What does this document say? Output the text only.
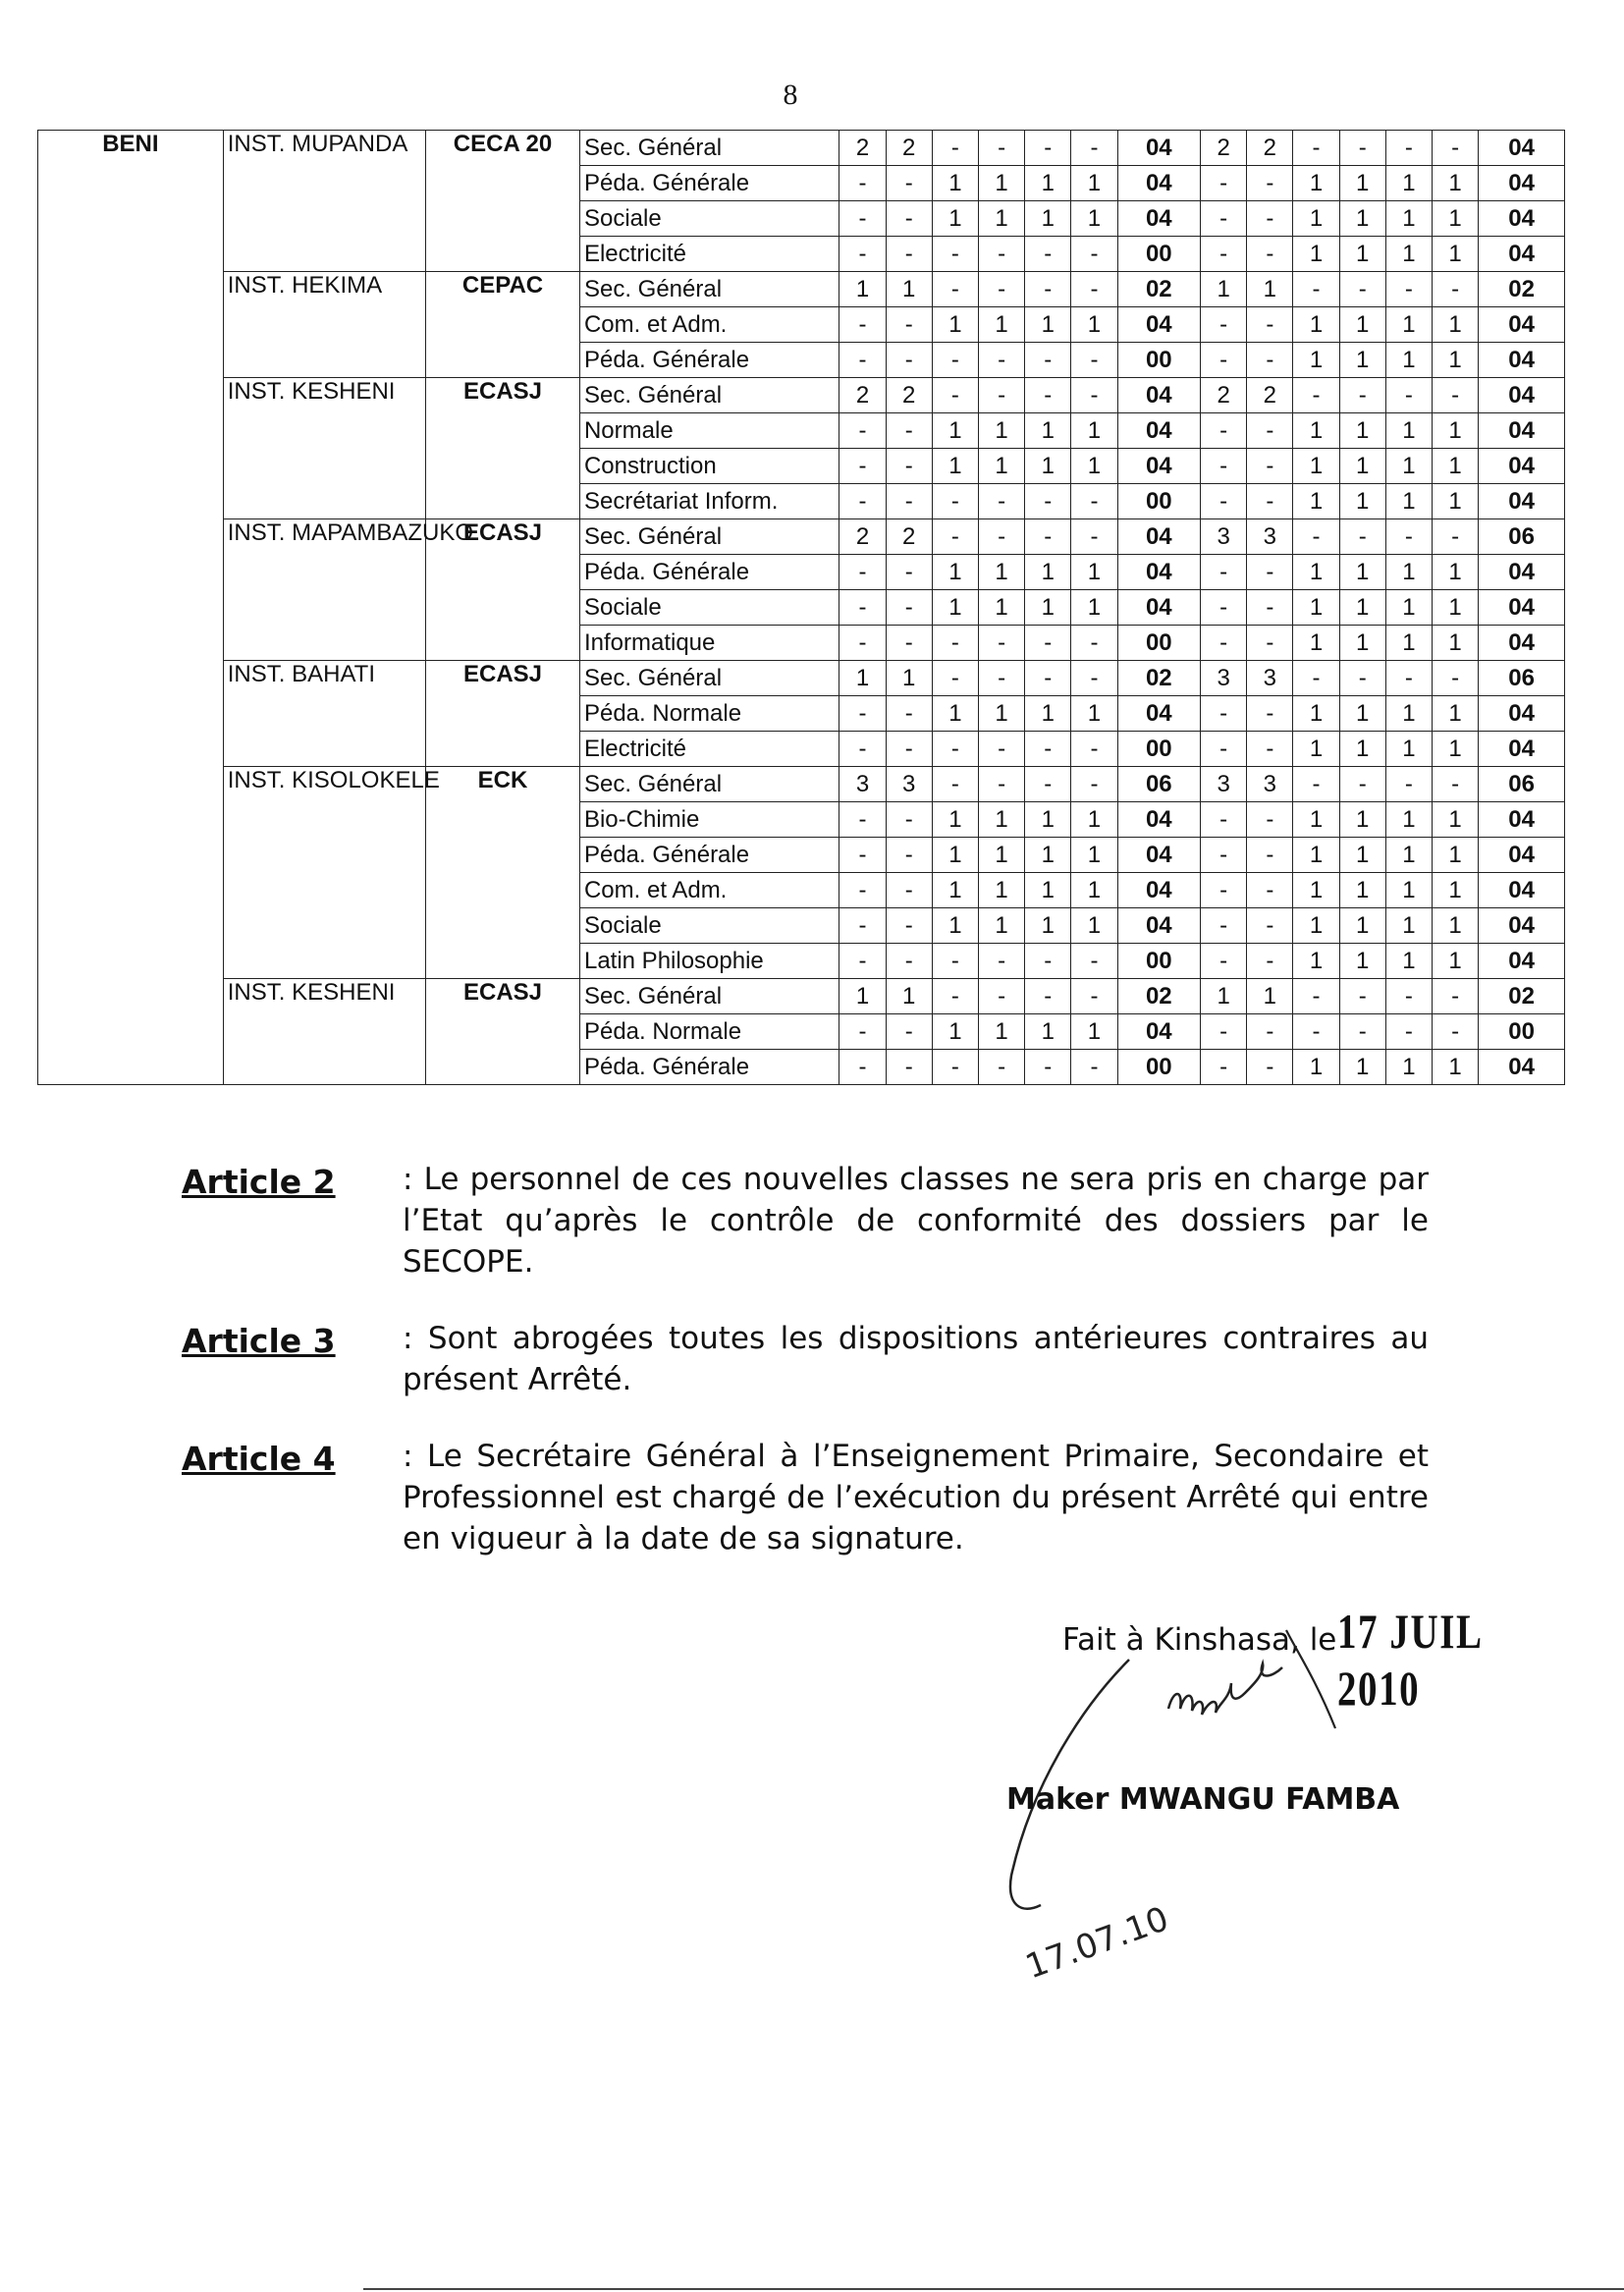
8
BENI	INST. MUPANDA	CECA 20	Sec. Général	2	2	-	-	-	-	04	2	2	-	-	-	-	04
			Péda. Générale	-	-	1	1	1	1	04	-	-	1	1	1	1	04
			Sociale	-	-	1	1	1	1	04	-	-	1	1	1	1	04
			Electricité	-	-	-	-	-	-	00	-	-	1	1	1	1	04
	INST. HEKIMA	CEPAC	Sec. Général	1	1	-	-	-	-	02	1	1	-	-	-	-	02
			Com. et Adm.	-	-	1	1	1	1	04	-	-	1	1	1	1	04
			Péda. Générale	-	-	-	-	-	-	00	-	-	1	1	1	1	04
	INST. KESHENI	ECASJ	Sec. Général	2	2	-	-	-	-	04	2	2	-	-	-	-	04
			Normale	-	-	1	1	1	1	04	-	-	1	1	1	1	04
			Construction	-	-	1	1	1	1	04	-	-	1	1	1	1	04
			Secrétariat Inform.	-	-	-	-	-	-	00	-	-	1	1	1	1	04
	INST. MAPAMBAZUKO	ECASJ	Sec. Général	2	2	-	-	-	-	04	3	3	-	-	-	-	06
			Péda. Générale	-	-	1	1	1	1	04	-	-	1	1	1	1	04
			Sociale	-	-	1	1	1	1	04	-	-	1	1	1	1	04
			Informatique	-	-	-	-	-	-	00	-	-	1	1	1	1	04
	INST. BAHATI	ECASJ	Sec. Général	1	1	-	-	-	-	02	3	3	-	-	-	-	06
			Péda. Normale	-	-	1	1	1	1	04	-	-	1	1	1	1	04
			Electricité	-	-	-	-	-	-	00	-	-	1	1	1	1	04
	INST. KISOLOKELE	ECK	Sec. Général	3	3	-	-	-	-	06	3	3	-	-	-	-	06
			Bio-Chimie	-	-	1	1	1	1	04	-	-	1	1	1	1	04
			Péda. Générale	-	-	1	1	1	1	04	-	-	1	1	1	1	04
			Com. et Adm.	-	-	1	1	1	1	04	-	-	1	1	1	1	04
			Sociale	-	-	1	1	1	1	04	-	-	1	1	1	1	04
			Latin Philosophie	-	-	-	-	-	-	00	-	-	1	1	1	1	04
	INST. KESHENI	ECASJ	Sec. Général	1	1	-	-	-	-	02	1	1	-	-	-	-	02
			Péda. Normale	-	-	1	1	1	1	04	-	-	-	-	-	-	00
			Péda. Générale	-	-	-	-	-	-	00	-	-	1	1	1	1	04
Article 2	: Le personnel de ces nouvelles classes ne sera pris en charge par l’Etat qu’après le contrôle de conformité des dossiers par le SECOPE.
Article 3	: Sont abrogées toutes les dispositions antérieures contraires au présent Arrêté.
Article 4	: Le Secrétaire Général à l’Enseignement Primaire, Secondaire et Professionnel est chargé de l’exécution du présent Arrêté qui entre en vigueur à la date de sa signature.
Fait à Kinshasa, le 17 JUIL 2010
17.07.10
Maker MWANGU FAMBA
